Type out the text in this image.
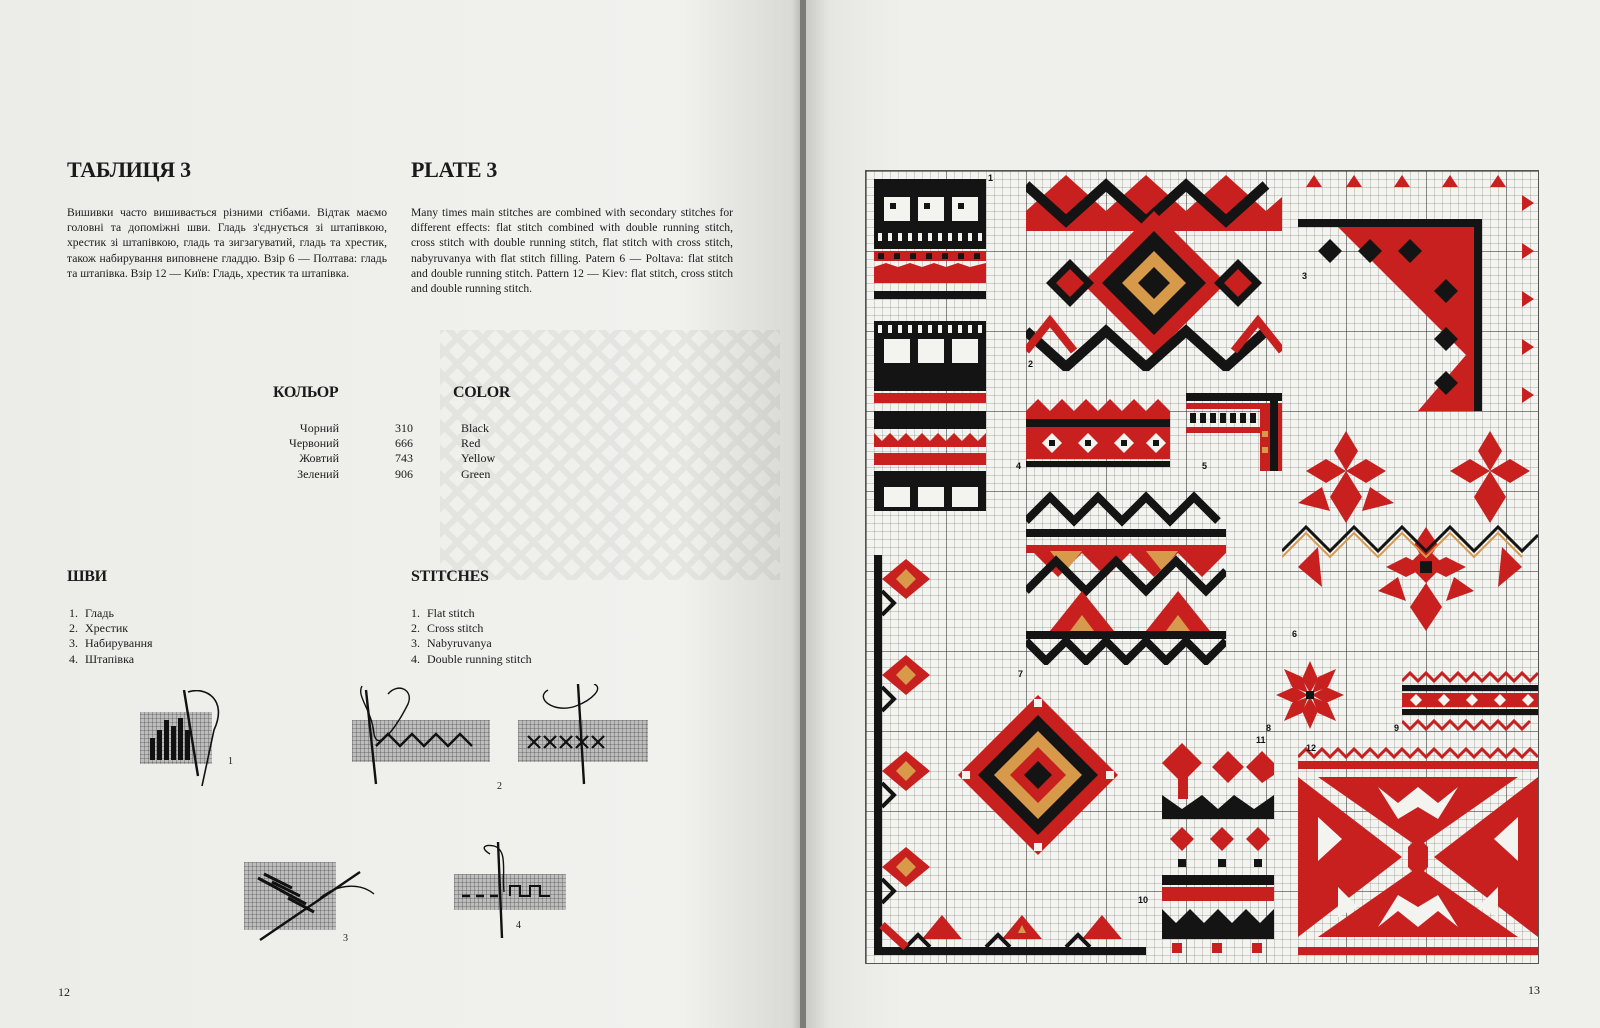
ТАБЛИЦЯ 3	PLATE 3
Вишивки часто вишивається різними стібами. Відтак маємо головні та допоміжні шви. Гладь з'єднується зі штапівкою, хрестик зі штапівкою, гладь та зигзагуватий, гладь та хрестик, також набирування виповнене гладдю. Взір 6 — Полтава: гладь та штапівка. Взір 12 — Київ: Гладь, хрестик та штапівка.
Many times main stitches are combined with secondary stitches for different effects: flat stitch combined with double running stitch, cross stitch with double running stitch, flat stitch with cross stitch, nabyruvanya with flat stitch filling. Patern 6 — Poltava: flat stitch and double running stitch. Pattern 12 — Kiev: flat stitch, cross stitch and double running stitch.
КОЛЬОР	COLOR
Чорний	310	Black
Червоний	666	Red
Жовтий	743	Yellow
Зелений	906	Green
ШВИ	STITCHES
1. Гладь
2. Хрестик
3. Набирування
4. Штапівка
1. Flat stitch
2. Cross stitch
3. Nabyruvanya
4. Double running stitch
1
2
3
4
12	13
1
2
3
4	5
6
7
8	9
10
11
12
